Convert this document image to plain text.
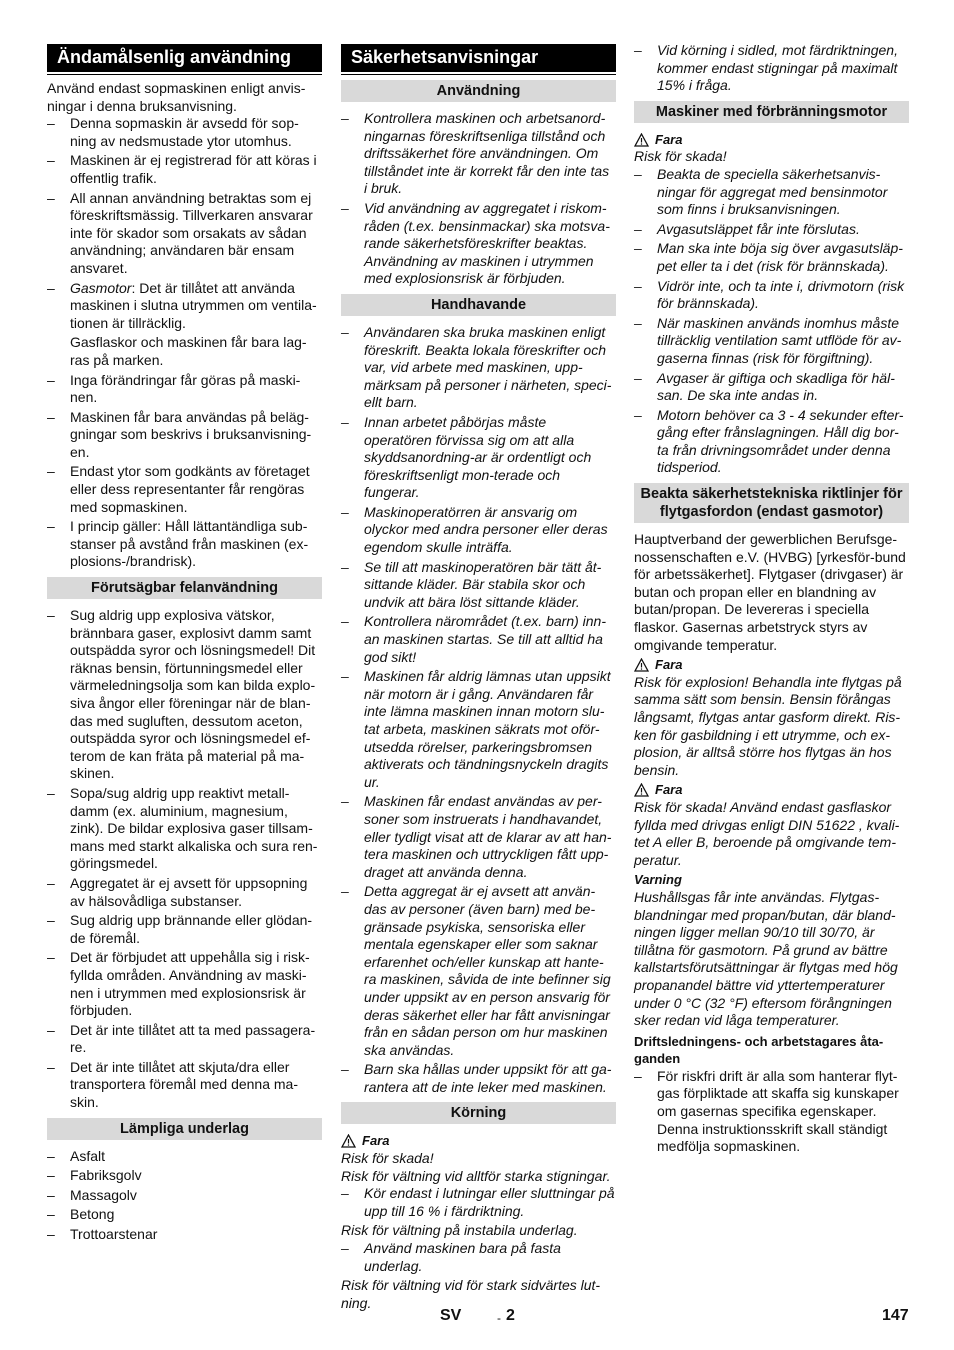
Ändamålsenlig användning

Använd endast sopmaskinen enligt anvis-ningar i denna bruksanvisning.

– Denna sopmaskin är avsedd för sop-ning av nedsmustade ytor utomhus.
– Maskinen är ej registrerad för att köras i offentlig trafik.
– All annan användning betraktas som ej föreskriftsmässig. Tillverkaren ansvarar inte för skador som orsakats av sådan användning; användaren bär ensam ansvaret.
– Gasmotor: Det är tillåtet att använda maskinen i slutna utrymmen om ventila-tionen är tillräcklig.

Gasflaskor och maskinen får bara lag-ras på marken.

– Inga förändringar får göras på maski-nen.
– Maskinen får bara användas på beläg-gningar som beskrivs i bruksanvisning-en.
– Endast ytor som godkänts av företaget eller dess representanter får rengöras med sopmaskinen.
– I princip gäller: Håll lättantändliga sub-stanser på avstånd från maskinen (ex-plosions-/brandrisk).
Förutsägbar felanvändning
– Sug aldrig upp explosiva vätskor, brännbara gaser, explosivt damm samt outspädda syror och lösningsmedel! Dit räknas bensin, förtunningsmedel eller värmeledningsolja som kan bilda explo-siva ångor eller föreningar när de blan-das med sugluften, dessutom aceton, outspädda syror och lösningsmedel ef-terom de kan fräta på material på ma-skinen.
– Sopa/sug aldrig upp reaktivt metall-damm (ex. aluminium, magnesium, zink). De bildar explosiva gaser tillsam-mans med starkt alkaliska och sura ren-göringsmedel.
– Aggregatet är ej avsett för uppsopning av hälsovådliga substanser.
– Sug aldrig upp brännande eller glödan-de föremål.
– Det är förbjudet att uppehålla sig i risk-fyllda områden. Användning av maski-nen i utrymmen med explosionsrisk är förbjuden.
– Det är inte tillåtet att ta med passagera-re.
– Det är inte tillåtet att skjuta/dra eller transportera föremål med denna ma-skin.
Lämpliga underlag
– Asfalt
– Fabriksgolv
– Massagolv
– Betong
– Trottoarstenar
Säkerhetsanvisningar
Användning
– Kontrollera maskinen och arbetsanord-ningarnas föreskriftsenliga tillstånd och driftssäkerhet före användningen. Om tillståndet inte är korrekt får den inte tas i bruk.
– Vid användning av aggregatet i riskom-råden (t.ex. bensinmackar) ska motsva-rande säkerhetsföreskrifter beaktas. Användning av maskinen i utrymmen med explosionsrisk är förbjuden.
Handhavande
– Användaren ska bruka maskinen enligt föreskrift. Beakta lokala föreskrifter och var, vid arbete med maskinen, upp-märksam på personer i närheten, speci-ellt barn.
– Innan arbetet påbörjas måste operatören förvissa sig om att alla skyddsanordning-ar är ordentligt och föreskriftsenligt mon-terade och fungerar.
– Maskinoperatörren är ansvarig om olyckor med andra personer eller deras egendom skulle inträffa.
– Se till att maskinoperatören bär tätt åt-sittande kläder. Bär stabila skor och undvik att bära löst sittande kläder.
– Kontrollera närområdet (t.ex. barn) inn-an maskinen startas. Se till att alltid ha god sikt!
– Maskinen får aldrig lämnas utan uppsikt när motorn är i gång. Användaren får inte lämna maskinen innan motorn slu-tat arbeta, maskinen säkrats mot oför-utsedda rörelser, parkeringsbromsen aktiverats och tändningsnyckeln dragits ur.
– Maskinen får endast användas av per-soner som instruerats i handhavandet, eller tydligt visat att de klarar av att han-tera maskinen och uttryckligen fått upp-draget att använda denna.
– Detta aggregat är ej avsett att använ-das av personer (även barn) med be-gränsade psykiska, sensoriska eller mentala egenskaper eller som saknar erfarenhet och/eller kunskap att hante-ra maskinen, såvida de inte befinner sig under uppsikt av en person ansvarig för deras säkerhet eller har fått anvisningar från en sådan person om hur maskinen ska användas.
– Barn ska hållas under uppsikt för att ga-rantera att de inte leker med maskinen.
Körning
Fara

Risk för skada!

Risk för vältning vid alltför starka stigningar.

– Kör endast i lutningar eller sluttningar på upp till 16 % i färdriktning.

Risk för vältning på instabila underlag.

– Använd maskinen bara på fasta underlag.

Risk för vältning vid för stark sidvärtes lut-ning.

– Vid körning i sidled, mot färdriktningen, kommer endast stigningar på maximalt 15% i fråga.
Maskiner med förbränningsmotor
Fara

Risk för skada!

– Beakta de speciella säkerhetsanvis-ningar för aggregat med bensinmotor som finns i bruksanvisningen.
– Avgasutsläppet får inte förslutas.
– Man ska inte böja sig över avgasutsläp-pet eller ta i det (risk för brännskada).
– Vidrör inte, och ta inte i, drivmotorn (risk för brännskada).
– När maskinen används inomhus måste tillräcklig ventilation samt utflöde för av-gaserna finnas (risk för förgiftning).
– Avgaser är giftiga och skadliga för häl-san. De ska inte andas in.
– Motorn behöver ca 3 - 4 sekunder efter-gång efter frånslagningen. Håll dig bor-ta från drivningsområdet under denna tidsperiod.
Beakta säkerhetstekniska riktlinjer för flytgasfordon (endast gasmotor)

Hauptverband der gewerblichen Berufsge-nossenschaften e.V. (HVBG) [yrkesför-bund för arbetssäkerhet]. Flytgaser (drivgaser) är butan och propan eller en blandning av butan/propan. De levereras i speciella flaskor. Gasernas arbetstryck styrs av omgivande temperatur.

Fara

Risk för explosion! Behandla inte flytgas på samma sätt som bensin. Bensin förångas långsamt, flytgas antar gasform direkt. Ris-ken för gasbildning i ett utrymme, och ex-plosion, är alltså större hos flytgas än hos bensin.

Fara

Risk för skada! Använd endast gasflaskor fyllda med drivgas enligt DIN 51622 , kvali-tet A eller B, beroende på omgivande tem-peratur.

Varning

Hushållsgas får inte användas. Flytgas-blandningar med propan/butan, där bland-ningen ligger mellan 90/10 till 30/70, är tillåtna för gasmotorn. På grund av bättre kallstartsförutsättningar är flytgas med hög propanandel bättre vid yttertemperaturer under 0 °C (32 °F) eftersom förångningen sker redan vid låga temperaturer.

Driftsledningens- och arbetstagares åta-ganden

– För riskfri drift är alla som hanterar flyt-gas förpliktade att skaffa sig kunskaper om gasernas specifika egenskaper. Denna instruktionsskrift skall ständigt medfölja sopmaskinen.
SV	- 2	147
